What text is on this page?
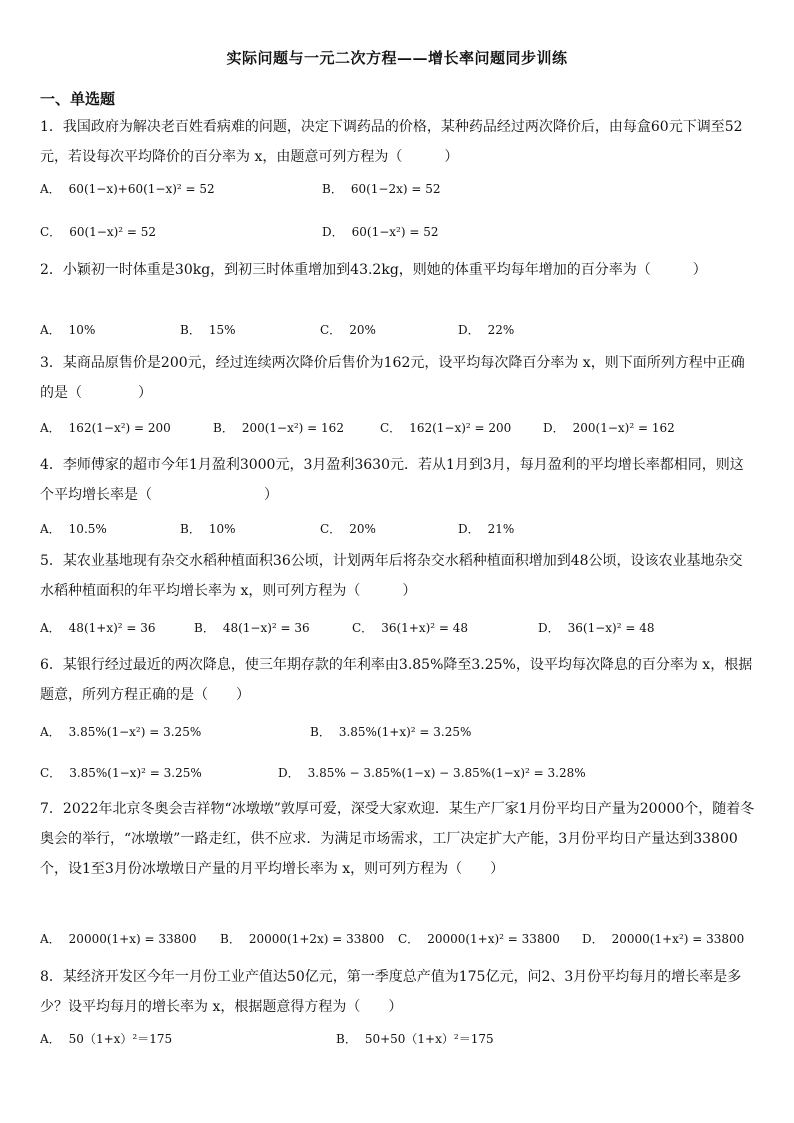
实际问题与一元二次方程——增长率问题同步训练
一、单选题
1．我国政府为解决老百姓看病难的问题，决定下调药品的价格，某种药品经过两次降价后，由每盒60元下调至52元，若设每次平均降价的百分率为 x，由题意可列方程为（　　　）
A． 60(1−x)+60(1−x)² = 52	B． 60(1−2x) = 52
C． 60(1−x)² = 52	D． 60(1−x²) = 52
2．小颖初一时体重是30kg，到初三时体重增加到43.2kg，则她的体重平均每年增加的百分率为（　　　）
A． 10%	B． 15%	C． 20%	D． 22%
3．某商品原售价是200元，经过连续两次降价后售价为162元，设平均每次降百分率为 x，则下面所列方程中正确的是（　　　　）
A． 162(1−x²) = 200	B． 200(1−x²) = 162	C． 162(1−x)² = 200	D． 200(1−x)² = 162
4．李师傅家的超市今年1月盈利3000元，3月盈利3630元．若从1月到3月，每月盈利的平均增长率都相同，则这个平均增长率是（　　　　　　　　）
A． 10.5%	B． 10%	C． 20%	D． 21%
5．某农业基地现有杂交水稻种植面积36公顷，计划两年后将杂交水稻种植面积增加到48公顷，设该农业基地杂交水稻种植面积的年平均增长率为 x，则可列方程为（　　　）
A． 48(1+x)² = 36	B． 48(1−x)² = 36	C． 36(1+x)² = 48	D． 36(1−x)² = 48
6．某银行经过最近的两次降息，使三年期存款的年利率由3.85%降至3.25%，设平均每次降息的百分率为 x，根据题意，所列方程正确的是（　　）
A． 3.85%(1−x²) = 3.25%	B． 3.85%(1+x)² = 3.25%
C． 3.85%(1−x)² = 3.25%	D． 3.85% − 3.85%(1−x) − 3.85%(1−x)² = 3.28%
7．2022年北京冬奥会吉祥物“冰墩墩”敦厚可爱，深受大家欢迎．某生产厂家1月份平均日产量为20000个，随着冬奥会的举行，“冰墩墩”一路走红，供不应求．为满足市场需求，工厂决定扩大产能，3月份平均日产量达到33800个，设1至3月份冰墩墩日产量的月平均增长率为 x，则可列方程为（　　）
A． 20000(1+x) = 33800 B． 20000(1+2x) = 33800 C． 20000(1+x)² = 33800 D． 20000(1+x²) = 33800
8．某经济开发区今年一月份工业产值达50亿元，第一季度总产值为175亿元，问2、3月份平均每月的增长率是多少？设平均每月的增长率为 x，根据题意得方程为（　　）
A． 50（1+x）²＝175	B． 50+50（1+x）²＝175
